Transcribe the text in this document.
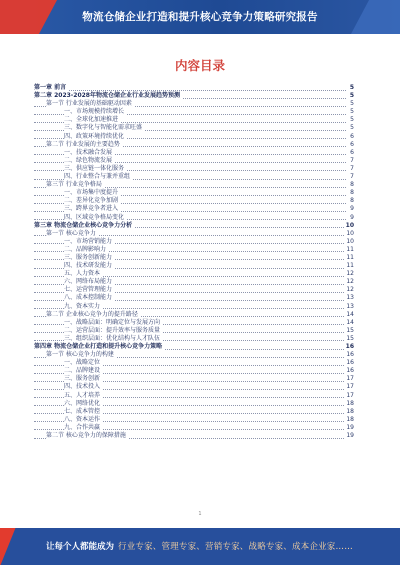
物流仓储企业打造和提升核心竞争力策略研究报告
内容目录
第一章 前言	5
第二章 2023-2028年物流仓储企业行业发展趋势预测	5
第一节 行业发展的基础驱动因素	5
一、市场规模持续增长	5
二、全球化加速推进	5
三、数字化与智能化需求旺盛	5
四、政策环境持续优化	6
第二节 行业发展的主要趋势	6
一、技术融合发展	6
二、绿色物流发展	7
三、供应链一体化服务	7
四、行业整合与兼并重组	7
第三节 行业竞争格局	8
一、市场集中度提升	8
二、差异化竞争加剧	8
三、跨界竞争者进入	9
四、区域竞争格局变化	9
第三章 物流仓储企业核心竞争力分析	10
第一节 核心竞争力	10
一、市场营销能力	10
二、品牌影响力	11
三、服务创新能力	11
四、技术研发能力	11
五、人力资本	12
六、网络布局能力	12
七、运营管理能力	12
八、成本控制能力	13
九、资本实力	13
第二节 企业核心竞争力的提升路径	14
一、战略层面：明确定位与发展方向	14
二、运营层面：提升效率与服务质量	15
三、组织层面：优化结构与人才队伍	15
第四章 物流仓储企业打造和提升核心竞争力策略	16
第一节 核心竞争力的构建	16
一、战略定位	16
二、品牌建设	16
三、服务创新	17
四、技术投入	17
五、人才培养	17
六、网络优化	18
七、成本管控	18
八、资本运作	18
九、合作共赢	19
第二节 核心竞争力的保障措施	19
1
让每个人都能成为 行业专家、管理专家、营销专家、战略专家、成本企业家……
